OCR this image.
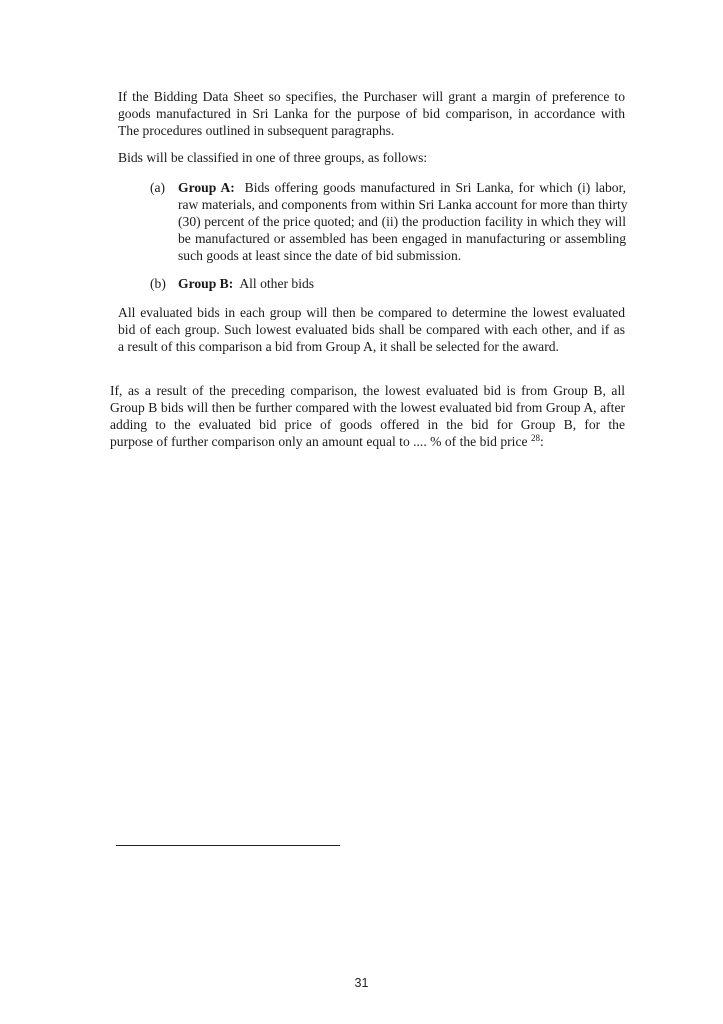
If the Bidding Data Sheet so specifies, the Purchaser will grant a margin of preference to
goods manufactured in Sri Lanka for the purpose of bid comparison, in accordance with
The procedures outlined in subsequent paragraphs.
Bids will be classified in one of three groups, as follows:
(a) Group A: Bids offering goods manufactured in Sri Lanka, for which (i) labor,
raw materials, and components from within Sri Lanka account for more than thirty
(30) percent of the price quoted; and (ii) the production facility in which they will
be manufactured or assembled has been engaged in manufacturing or assembling
such goods at least since the date of bid submission.
(b) Group B: All other bids
All evaluated bids in each group will then be compared to determine the lowest evaluated
bid of each group. Such lowest evaluated bids shall be compared with each other, and if as
a result of this comparison a bid from Group A, it shall be selected for the award.
If, as a result of the preceding comparison, the lowest evaluated bid is from Group B, all
Group B bids will then be further compared with the lowest evaluated bid from Group A, after
adding to the evaluated bid price of goods offered in the bid for Group B, for the
purpose of further comparison only an amount equal to .... % of the bid price $^{28}$:
31
